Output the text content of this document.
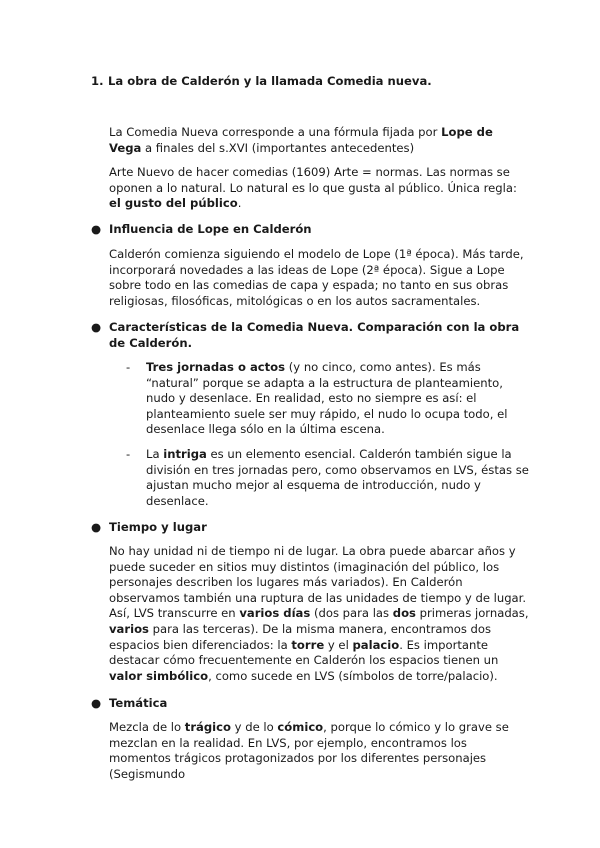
1. La obra de Calderón y la llamada Comedia nueva.
La Comedia Nueva corresponde a una fórmula fijada por Lope de Vega a finales del s.XVI (importantes antecedentes)
Arte Nuevo de hacer comedias (1609) Arte = normas. Las normas se oponen a lo natural. Lo natural es lo que gusta al público. Única regla: el gusto del público.
● Influencia de Lope en Calderón
Calderón comienza siguiendo el modelo de Lope (1ª época). Más tarde, incorporará novedades a las ideas de Lope (2ª época). Sigue a Lope sobre todo en las comedias de capa y espada; no tanto en sus obras religiosas, filosóficas, mitológicas o en los autos sacramentales.
● Características de la Comedia Nueva. Comparación con la obra de Calderón.
- Tres jornadas o actos (y no cinco, como antes). Es más “natural” porque se adapta a la estructura de planteamiento, nudo y desenlace. En realidad, esto no siempre es así: el planteamiento suele ser muy rápido, el nudo lo ocupa todo, el desenlace llega sólo en la última escena.
- La intriga es un elemento esencial. Calderón también sigue la división en tres jornadas pero, como observamos en LVS, éstas se ajustan mucho mejor al esquema de introducción, nudo y desenlace.
● Tiempo y lugar
No hay unidad ni de tiempo ni de lugar. La obra puede abarcar años y puede suceder en sitios muy distintos (imaginación del público, los personajes describen los lugares más variados). En Calderón observamos también una ruptura de las unidades de tiempo y de lugar. Así, LVS transcurre en varios días (dos para las dos primeras jornadas, varios para las terceras). De la misma manera, encontramos dos espacios bien diferenciados: la torre y el palacio. Es importante destacar cómo frecuentemente en Calderón los espacios tienen un valor simbólico, como sucede en LVS (símbolos de torre/palacio).
● Temática
Mezcla de lo trágico y de lo cómico, porque lo cómico y lo grave se mezclan en la realidad. En LVS, por ejemplo, encontramos los momentos trágicos protagonizados por los diferentes personajes (Segismundo
